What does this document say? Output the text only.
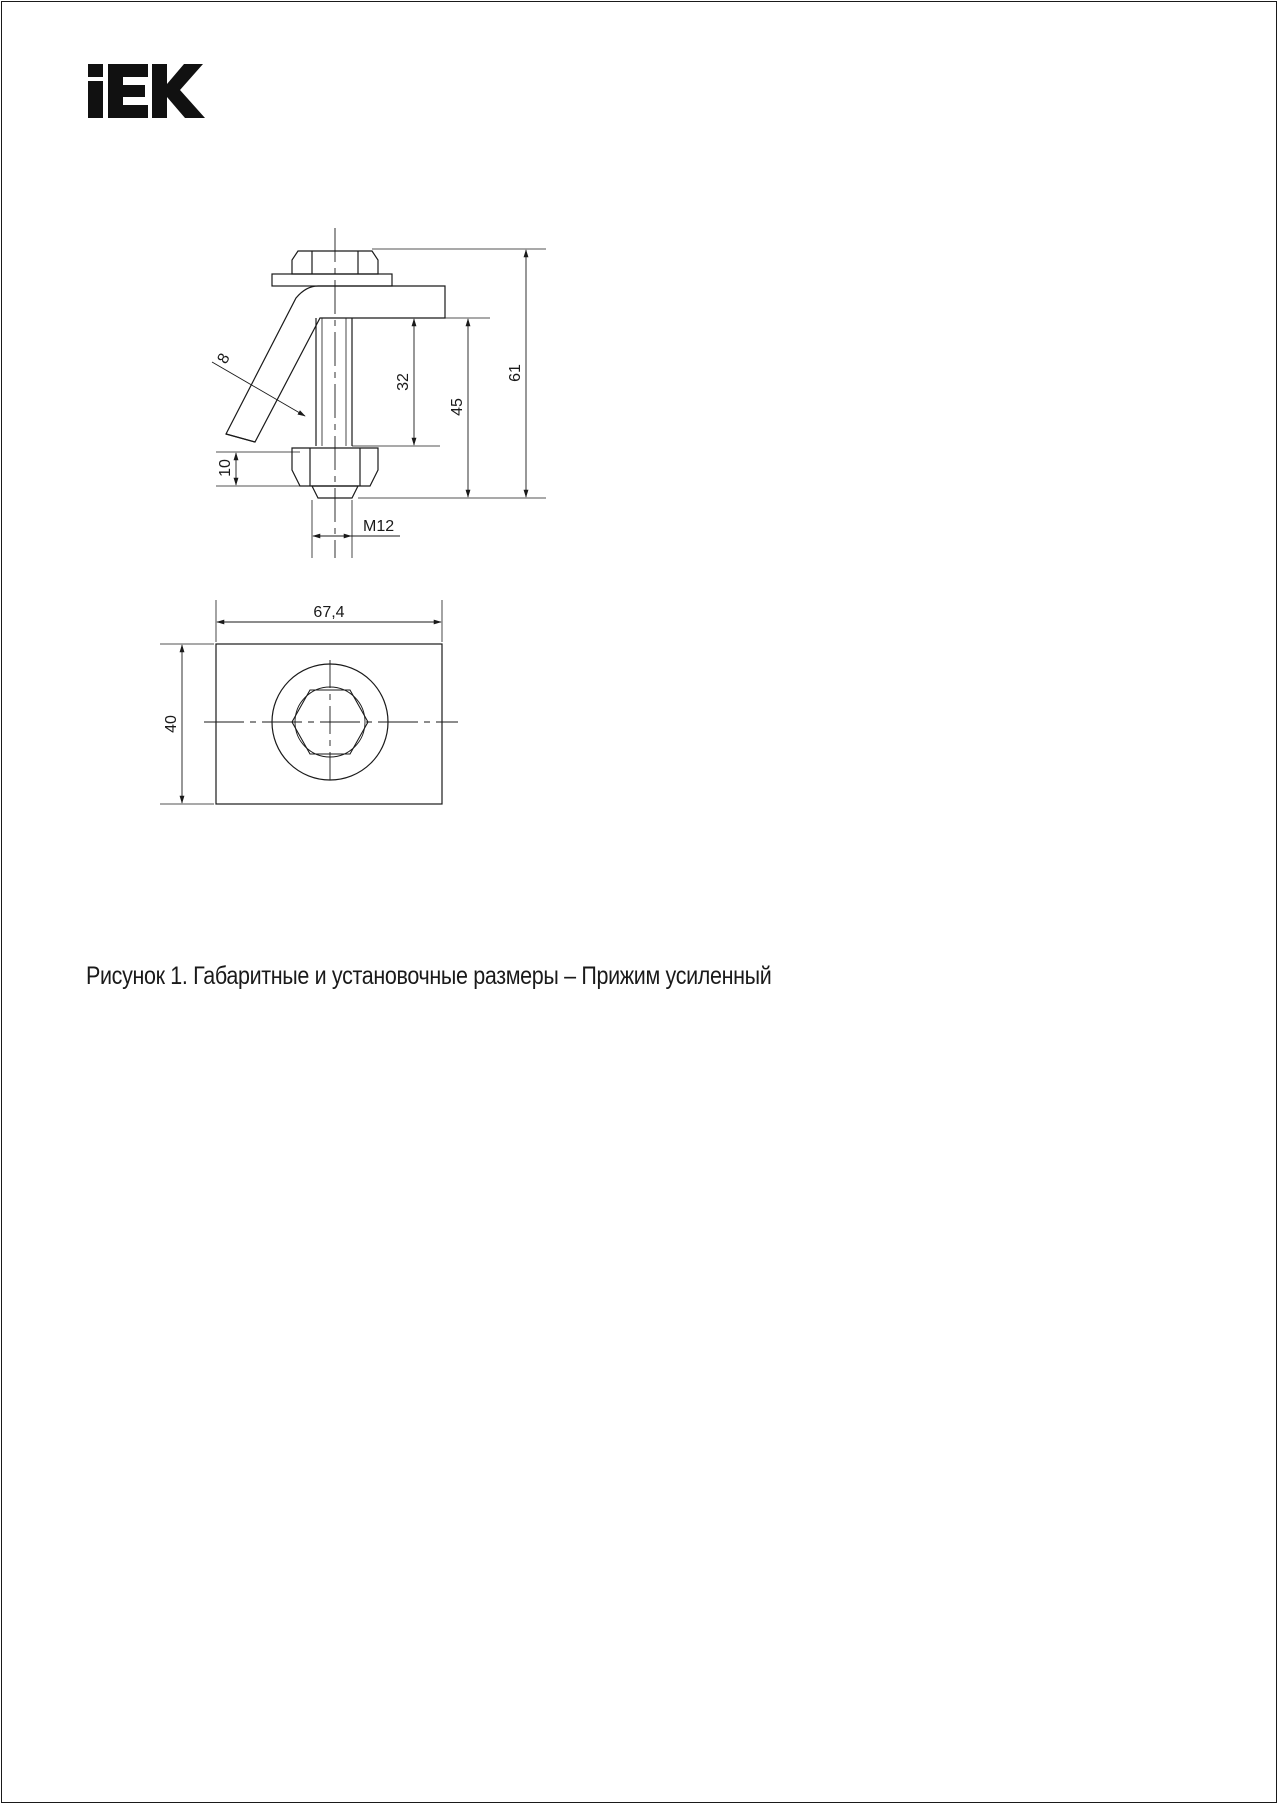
61
45
32
10
8
M12
67,4
40
Рисунок 1. Габаритные и установочные размеры – Прижим усиленный
